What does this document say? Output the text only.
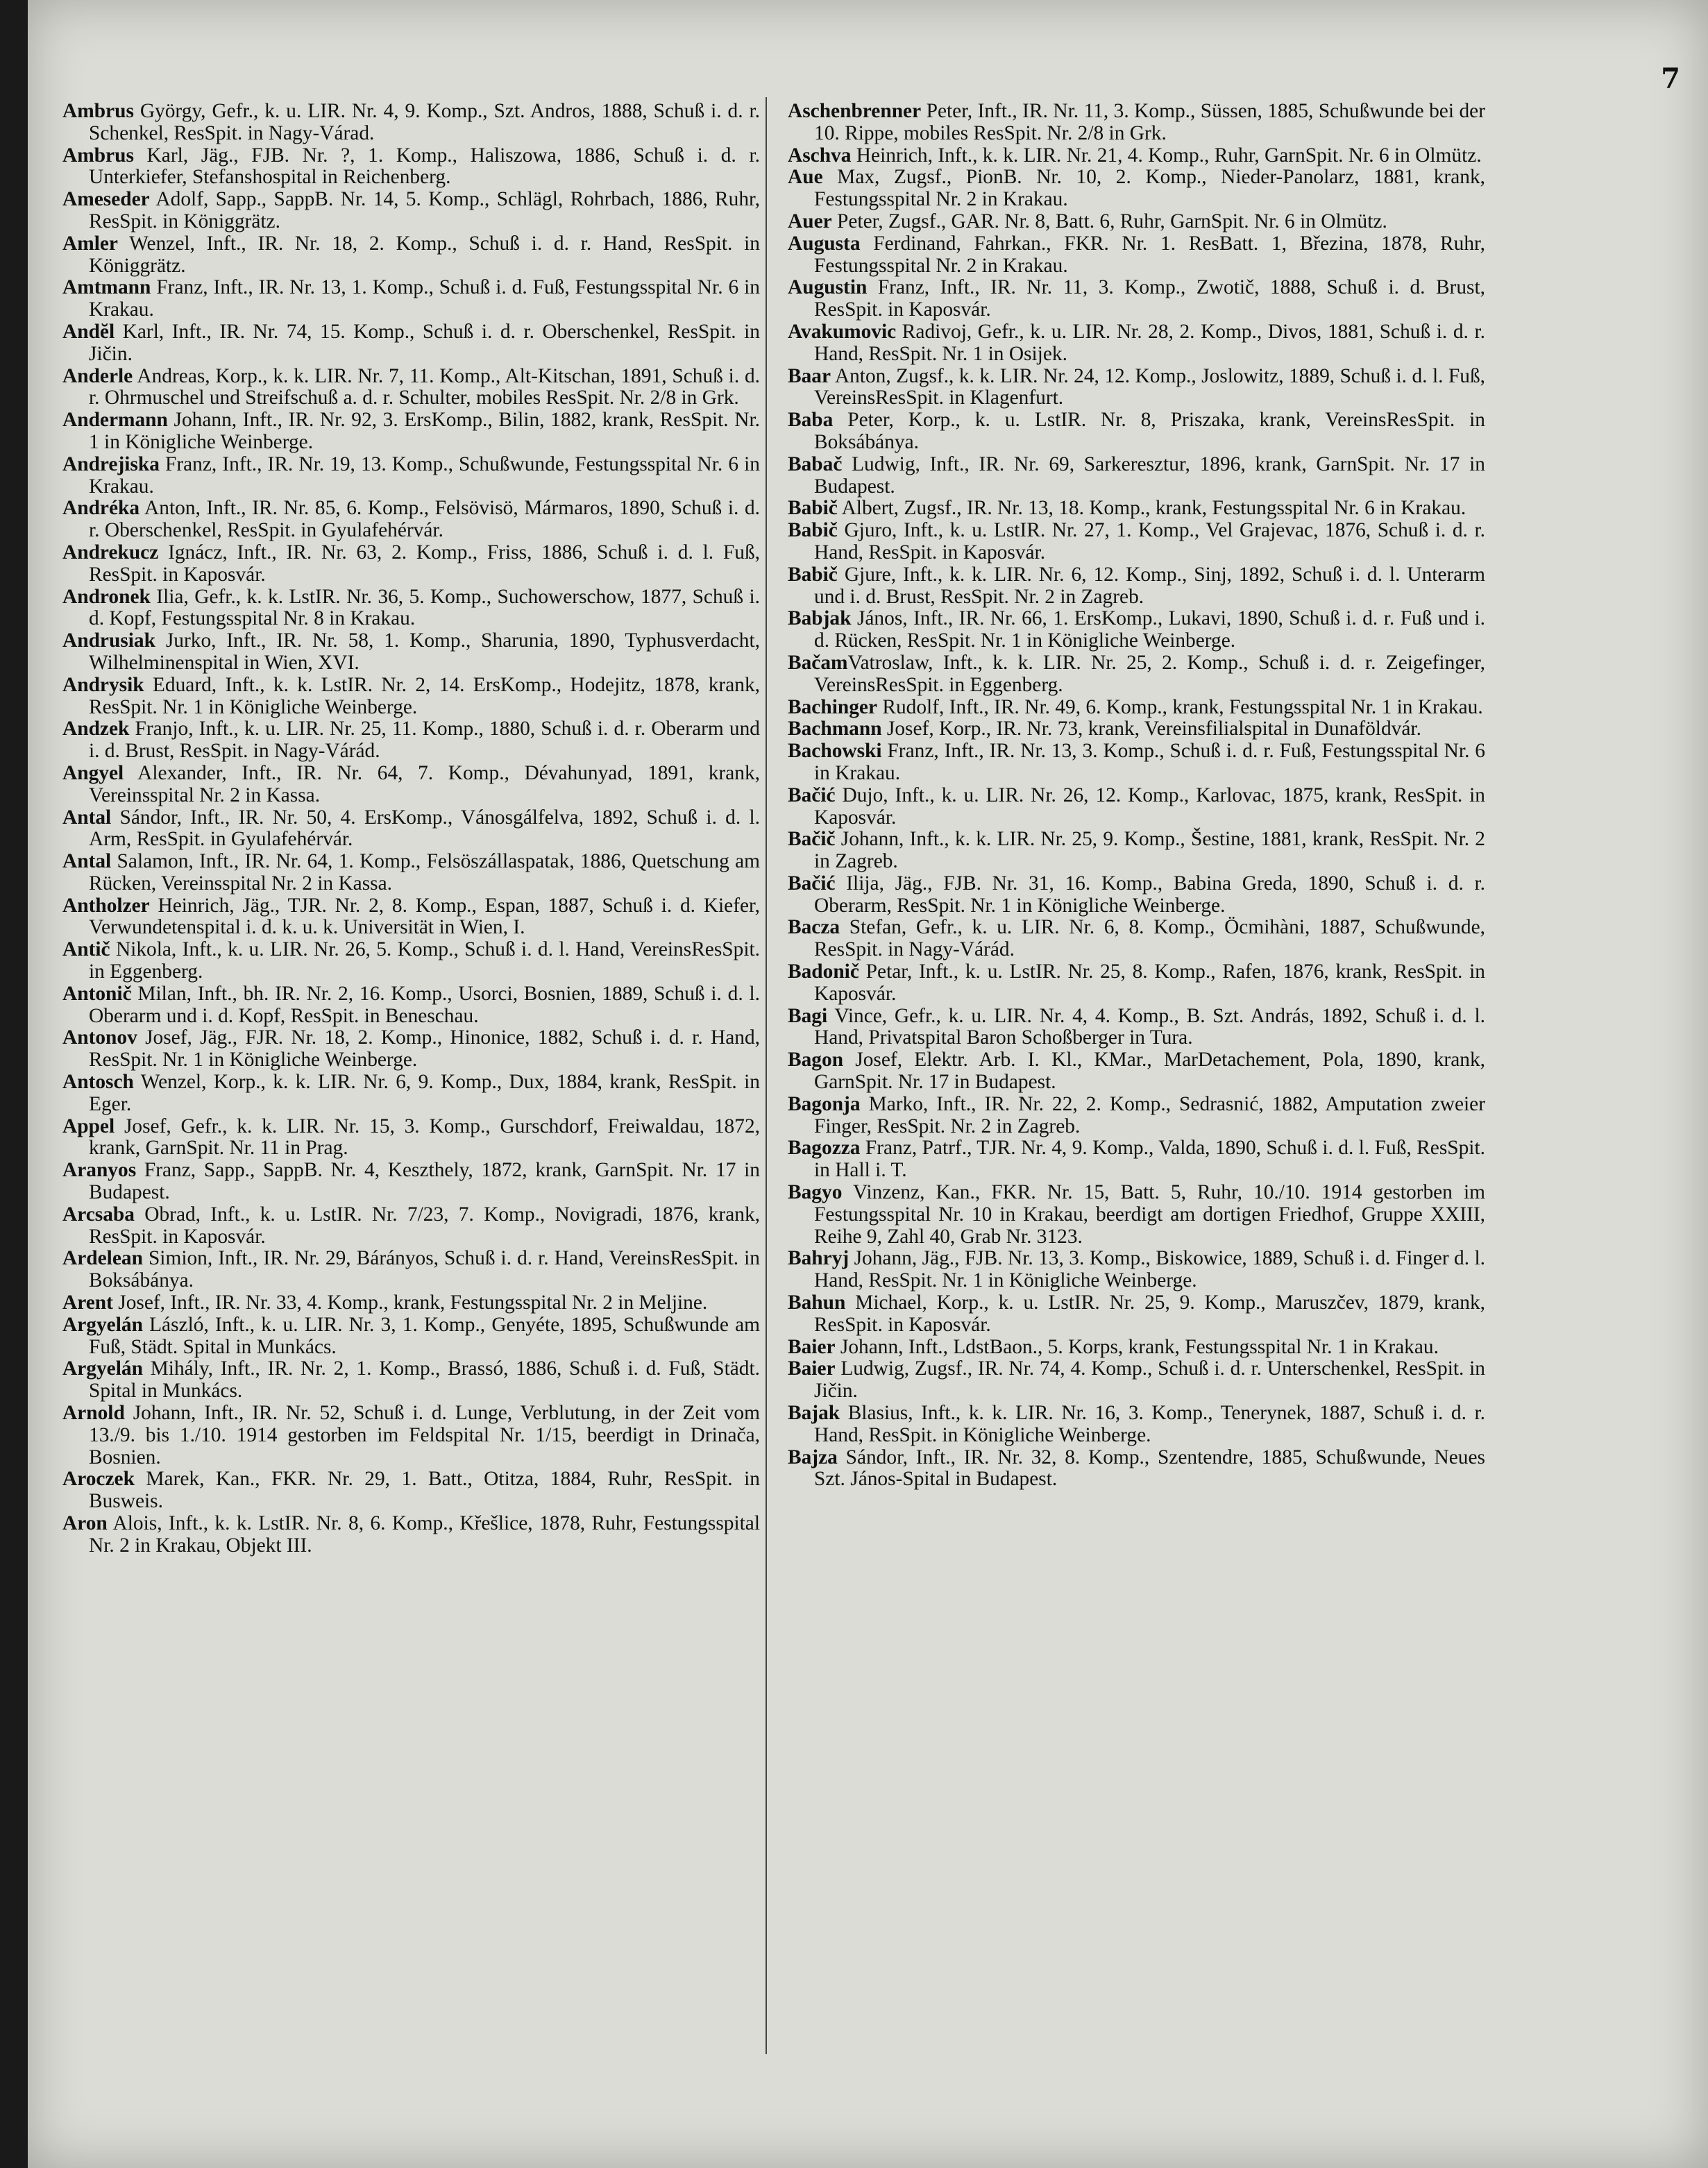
7

Ambrus György, Gefr., k. u. LIR. Nr. 4, 9. Komp., Szt. Andros, 1888, Schuß i. d. r. Schenkel, ResSpit. in Nagy-Várad.

Ambrus Karl, Jäg., FJB. Nr. ?, 1. Komp., Haliszowa, 1886, Schuß i. d. r. Unterkiefer, Stefanshospital in Reichenberg.

Ameseder Adolf, Sapp., SappB. Nr. 14, 5. Komp., Schlägl, Rohrbach, 1886, Ruhr, ResSpit. in Königgrätz.

Amler Wenzel, Inft., IR. Nr. 18, 2. Komp., Schuß i. d. r. Hand, ResSpit. in Königgrätz.

Amtmann Franz, Inft., IR. Nr. 13, 1. Komp., Schuß i. d. Fuß, Festungsspital Nr. 6 in Krakau.

Andĕl Karl, Inft., IR. Nr. 74, 15. Komp., Schuß i. d. r. Oberschenkel, ResSpit. in Jičin.

Anderle Andreas, Korp., k. k. LIR. Nr. 7, 11. Komp., Alt-Kitschan, 1891, Schuß i. d. r. Ohrmuschel und Streifschuß a. d. r. Schulter, mobiles ResSpit. Nr. 2/8 in Grk.

Andermann Johann, Inft., IR. Nr. 92, 3. ErsKomp., Bilin, 1882, krank, ResSpit. Nr. 1 in Königliche Weinberge.

Andrejiska Franz, Inft., IR. Nr. 19, 13. Komp., Schußwunde, Festungsspital Nr. 6 in Krakau.

Andréka Anton, Inft., IR. Nr. 85, 6. Komp., Felsövisö, Mármaros, 1890, Schuß i. d. r. Oberschenkel, ResSpit. in Gyulafehérvár.

Andrekucz Ignácz, Inft., IR. Nr. 63, 2. Komp., Friss, 1886, Schuß i. d. l. Fuß, ResSpit. in Kaposvár.

Andronek Ilia, Gefr., k. k. LstIR. Nr. 36, 5. Komp., Suchowerschow, 1877, Schuß i. d. Kopf, Festungsspital Nr. 8 in Krakau.

Andrusiak Jurko, Inft., IR. Nr. 58, 1. Komp., Sharunia, 1890, Typhusverdacht, Wilhelminenspital in Wien, XVI.

Andrysik Eduard, Inft., k. k. LstIR. Nr. 2, 14. ErsKomp., Hodejitz, 1878, krank, ResSpit. Nr. 1 in Königliche Weinberge.

Andzek Franjo, Inft., k. u. LIR. Nr. 25, 11. Komp., 1880, Schuß i. d. r. Oberarm und i. d. Brust, ResSpit. in Nagy-Várád.

Angyel Alexander, Inft., IR. Nr. 64, 7. Komp., Dévahunyad, 1891, krank, Vereinsspital Nr. 2 in Kassa.

Antal Sándor, Inft., IR. Nr. 50, 4. ErsKomp., Vánosgálfelva, 1892, Schuß i. d. l. Arm, ResSpit. in Gyulafehérvár.

Antal Salamon, Inft., IR. Nr. 64, 1. Komp., Felsöszállaspatak, 1886, Quetschung am Rücken, Vereinsspital Nr. 2 in Kassa.

Antholzer Heinrich, Jäg., TJR. Nr. 2, 8. Komp., Espan, 1887, Schuß i. d. Kiefer, Verwundetenspital i. d. k. u. k. Universität in Wien, I.

Antič Nikola, Inft., k. u. LIR. Nr. 26, 5. Komp., Schuß i. d. l. Hand, VereinsResSpit. in Eggenberg.

Antonič Milan, Inft., bh. IR. Nr. 2, 16. Komp., Usorci, Bosnien, 1889, Schuß i. d. l. Oberarm und i. d. Kopf, ResSpit. in Beneschau.

Antonov Josef, Jäg., FJR. Nr. 18, 2. Komp., Hinonice, 1882, Schuß i. d. r. Hand, ResSpit. Nr. 1 in Königliche Weinberge.

Antosch Wenzel, Korp., k. k. LIR. Nr. 6, 9. Komp., Dux, 1884, krank, ResSpit. in Eger.

Appel Josef, Gefr., k. k. LIR. Nr. 15, 3. Komp., Gurschdorf, Freiwaldau, 1872, krank, GarnSpit. Nr. 11 in Prag.

Aranyos Franz, Sapp., SappB. Nr. 4, Keszthely, 1872, krank, GarnSpit. Nr. 17 in Budapest.

Arcsaba Obrad, Inft., k. u. LstIR. Nr. 7/23, 7. Komp., Novigradi, 1876, krank, ResSpit. in Kaposvár.

Ardelean Simion, Inft., IR. Nr. 29, Bárányos, Schuß i. d. r. Hand, VereinsResSpit. in Boksábánya.

Arent Josef, Inft., IR. Nr. 33, 4. Komp., krank, Festungsspital Nr. 2 in Meljine.

Argyelán László, Inft., k. u. LIR. Nr. 3, 1. Komp., Genyéte, 1895, Schußwunde am Fuß, Städt. Spital in Munkács.

Argyelán Mihály, Inft., IR. Nr. 2, 1. Komp., Brassó, 1886, Schuß i. d. Fuß, Städt. Spital in Munkács.

Arnold Johann, Inft., IR. Nr. 52, Schuß i. d. Lunge, Verblutung, in der Zeit vom 13./9. bis 1./10. 1914 gestorben im Feldspital Nr. 1/15, beerdigt in Drinača, Bosnien.

Aroczek Marek, Kan., FKR. Nr. 29, 1. Batt., Otitza, 1884, Ruhr, ResSpit. in Busweis.

Aron Alois, Inft., k. k. LstIR. Nr. 8, 6. Komp., Křešlice, 1878, Ruhr, Festungsspital Nr. 2 in Krakau, Objekt III.

Aschenbrenner Peter, Inft., IR. Nr. 11, 3. Komp., Süssen, 1885, Schußwunde bei der 10. Rippe, mobiles ResSpit. Nr. 2/8 in Grk.

Aschva Heinrich, Inft., k. k. LIR. Nr. 21, 4. Komp., Ruhr, GarnSpit. Nr. 6 in Olmütz.

Aue Max, Zugsf., PionB. Nr. 10, 2. Komp., Nieder-Panolarz, 1881, krank, Festungsspital Nr. 2 in Krakau.

Auer Peter, Zugsf., GAR. Nr. 8, Batt. 6, Ruhr, GarnSpit. Nr. 6 in Olmütz.

Augusta Ferdinand, Fahrkan., FKR. Nr. 1. ResBatt. 1, Březina, 1878, Ruhr, Festungsspital Nr. 2 in Krakau.

Augustin Franz, Inft., IR. Nr. 11, 3. Komp., Zwotič, 1888, Schuß i. d. Brust, ResSpit. in Kaposvár.

Avakumovic Radivoj, Gefr., k. u. LIR. Nr. 28, 2. Komp., Divos, 1881, Schuß i. d. r. Hand, ResSpit. Nr. 1 in Osijek.

Baar Anton, Zugsf., k. k. LIR. Nr. 24, 12. Komp., Joslowitz, 1889, Schuß i. d. l. Fuß, VereinsResSpit. in Klagenfurt.

Baba Peter, Korp., k. u. LstIR. Nr. 8, Priszaka, krank, VereinsResSpit. in Boksábánya.

Babač Ludwig, Inft., IR. Nr. 69, Sarkeresztur, 1896, krank, GarnSpit. Nr. 17 in Budapest.

Babič Albert, Zugsf., IR. Nr. 13, 18. Komp., krank, Festungsspital Nr. 6 in Krakau.

Babič Gjuro, Inft., k. u. LstIR. Nr. 27, 1. Komp., Vel Grajevac, 1876, Schuß i. d. r. Hand, ResSpit. in Kaposvár.

Babič Gjure, Inft., k. k. LIR. Nr. 6, 12. Komp., Sinj, 1892, Schuß i. d. l. Unterarm und i. d. Brust, ResSpit. Nr. 2 in Zagreb.

Babjak János, Inft., IR. Nr. 66, 1. ErsKomp., Lukavi, 1890, Schuß i. d. r. Fuß und i. d. Rücken, ResSpit. Nr. 1 in Königliche Weinberge.

BačamVatroslaw, Inft., k. k. LIR. Nr. 25, 2. Komp., Schuß i. d. r. Zeigefinger, VereinsResSpit. in Eggenberg.

Bachinger Rudolf, Inft., IR. Nr. 49, 6. Komp., krank, Festungsspital Nr. 1 in Krakau.

Bachmann Josef, Korp., IR. Nr. 73, krank, Vereinsfilialspital in Dunaföldvár.

Bachowski Franz, Inft., IR. Nr. 13, 3. Komp., Schuß i. d. r. Fuß, Festungsspital Nr. 6 in Krakau.

Bačić Dujo, Inft., k. u. LIR. Nr. 26, 12. Komp., Karlovac, 1875, krank, ResSpit. in Kaposvár.

Bačič Johann, Inft., k. k. LIR. Nr. 25, 9. Komp., Šestine, 1881, krank, ResSpit. Nr. 2 in Zagreb.

Bačić Ilija, Jäg., FJB. Nr. 31, 16. Komp., Babina Greda, 1890, Schuß i. d. r. Oberarm, ResSpit. Nr. 1 in Königliche Weinberge.

Bacza Stefan, Gefr., k. u. LIR. Nr. 6, 8. Komp., Öcmihàni, 1887, Schußwunde, ResSpit. in Nagy-Várád.

Badonič Petar, Inft., k. u. LstIR. Nr. 25, 8. Komp., Rafen, 1876, krank, ResSpit. in Kaposvár.

Bagi Vince, Gefr., k. u. LIR. Nr. 4, 4. Komp., B. Szt. András, 1892, Schuß i. d. l. Hand, Privatspital Baron Schoßberger in Tura.

Bagon Josef, Elektr. Arb. I. Kl., KMar., MarDetachement, Pola, 1890, krank, GarnSpit. Nr. 17 in Budapest.

Bagonja Marko, Inft., IR. Nr. 22, 2. Komp., Sedrasnić, 1882, Amputation zweier Finger, ResSpit. Nr. 2 in Zagreb.

Bagozza Franz, Patrf., TJR. Nr. 4, 9. Komp., Valda, 1890, Schuß i. d. l. Fuß, ResSpit. in Hall i. T.

Bagyo Vinzenz, Kan., FKR. Nr. 15, Batt. 5, Ruhr, 10./10. 1914 gestorben im Festungsspital Nr. 10 in Krakau, beerdigt am dortigen Friedhof, Gruppe XXIII, Reihe 9, Zahl 40, Grab Nr. 3123.

Bahryj Johann, Jäg., FJB. Nr. 13, 3. Komp., Biskowice, 1889, Schuß i. d. Finger d. l. Hand, ResSpit. Nr. 1 in Königliche Weinberge.

Bahun Michael, Korp., k. u. LstIR. Nr. 25, 9. Komp., Maruszčev, 1879, krank, ResSpit. in Kaposvár.

Baier Johann, Inft., LdstBaon., 5. Korps, krank, Festungsspital Nr. 1 in Krakau.

Baier Ludwig, Zugsf., IR. Nr. 74, 4. Komp., Schuß i. d. r. Unterschenkel, ResSpit. in Jičin.

Bajak Blasius, Inft., k. k. LIR. Nr. 16, 3. Komp., Tenerynek, 1887, Schuß i. d. r. Hand, ResSpit. in Königliche Weinberge.

Bajza Sándor, Inft., IR. Nr. 32, 8. Komp., Szentendre, 1885, Schußwunde, Neues Szt. János-Spital in Budapest.
